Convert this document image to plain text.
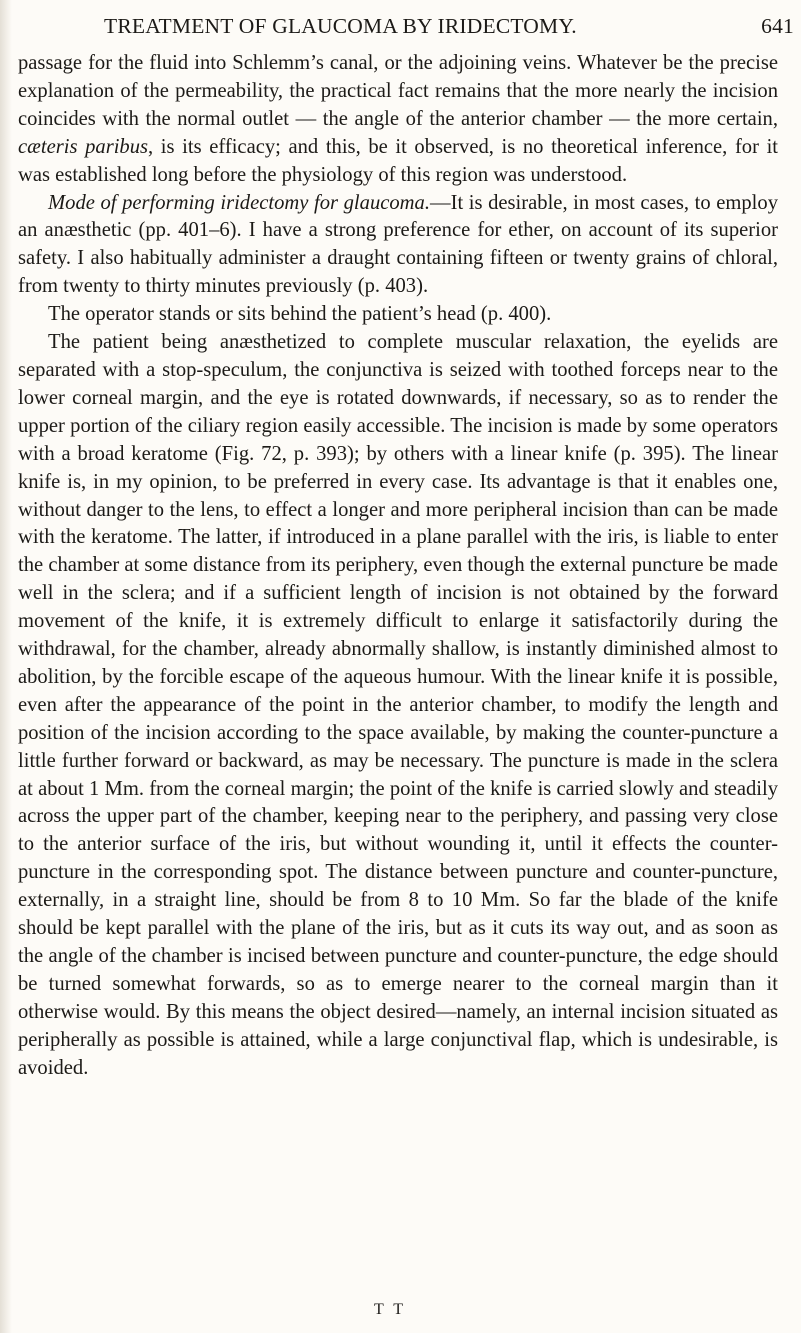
TREATMENT OF GLAUCOMA BY IRIDECTOMY.	641

passage for the fluid into Schlemm’s canal, or the adjoining veins. Whatever be the precise explanation of the permeability, the practical fact remains that the more nearly the incision coincides with the normal outlet — the angle of the anterior chamber — the more certain, cæteris paribus, is its efficacy; and this, be it observed, is no theoretical inference, for it was established long before the physiology of this region was understood.

Mode of performing iridectomy for glaucoma.—It is desirable, in most cases, to employ an anæsthetic (pp. 401–6). I have a strong preference for ether, on account of its superior safety. I also habitually administer a draught containing fifteen or twenty grains of chloral, from twenty to thirty minutes previously (p. 403).

The operator stands or sits behind the patient’s head (p. 400).

The patient being anæsthetized to complete muscular relaxation, the eyelids are separated with a stop-speculum, the conjunctiva is seized with toothed forceps near to the lower corneal margin, and the eye is rotated downwards, if necessary, so as to render the upper portion of the ciliary region easily accessible. The incision is made by some operators with a broad keratome (Fig. 72, p. 393); by others with a linear knife (p. 395). The linear knife is, in my opinion, to be preferred in every case. Its advantage is that it enables one, without danger to the lens, to effect a longer and more peripheral incision than can be made with the keratome. The latter, if introduced in a plane parallel with the iris, is liable to enter the chamber at some distance from its periphery, even though the external puncture be made well in the sclera; and if a sufficient length of incision is not obtained by the forward movement of the knife, it is extremely difficult to enlarge it satisfactorily during the withdrawal, for the chamber, already abnormally shallow, is instantly diminished almost to abolition, by the forcible escape of the aqueous humour. With the linear knife it is possible, even after the appearance of the point in the anterior chamber, to modify the length and position of the incision according to the space available, by making the counter-puncture a little further forward or backward, as may be necessary. The puncture is made in the sclera at about 1 Mm. from the corneal margin; the point of the knife is carried slowly and steadily across the upper part of the chamber, keeping near to the periphery, and passing very close to the anterior surface of the iris, but without wounding it, until it effects the counter-puncture in the corresponding spot. The distance between puncture and counter-puncture, externally, in a straight line, should be from 8 to 10 Mm. So far the blade of the knife should be kept parallel with the plane of the iris, but as it cuts its way out, and as soon as the angle of the chamber is incised between puncture and counter-puncture, the edge should be turned somewhat forwards, so as to emerge nearer to the corneal margin than it otherwise would. By this means the object desired—namely, an internal incision situated as peripherally as possible is attained, while a large conjunctival flap, which is undesirable, is avoided.

T T
